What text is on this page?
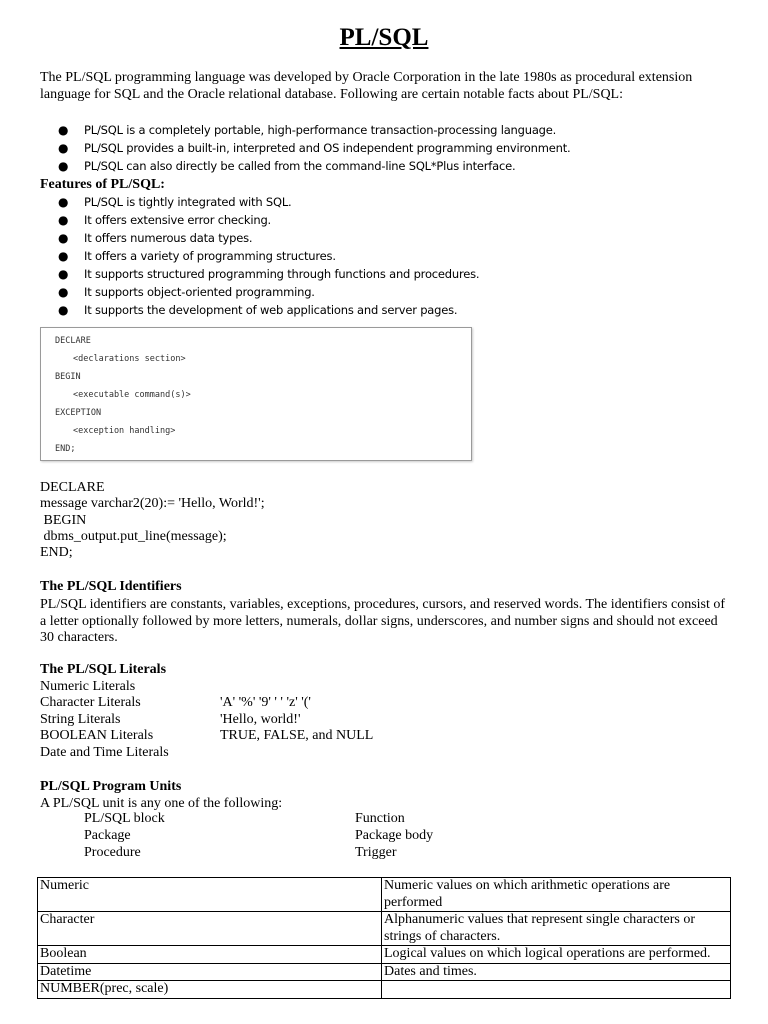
PL/SQL
The PL/SQL programming language was developed by Oracle Corporation in the late 1980s as procedural extension language for SQL and the Oracle relational database. Following are certain notable facts about PL/SQL:
● PL/SQL is a completely portable, high-performance transaction-processing language.
● PL/SQL provides a built-in, interpreted and OS independent programming environment.
● PL/SQL can also directly be called from the command-line SQL*Plus interface.
Features of PL/SQL:
● PL/SQL is tightly integrated with SQL.
● It offers extensive error checking.
● It offers numerous data types.
● It offers a variety of programming structures.
● It supports structured programming through functions and procedures.
● It supports object-oriented programming.
● It supports the development of web applications and server pages.
DECLARE
<declarations section>
BEGIN
<executable command(s)>
EXCEPTION
<exception handling>
END;
DECLARE
message varchar2(20):= 'Hello, World!';
BEGIN
dbms_output.put_line(message);
END;
The PL/SQL Identifiers
PL/SQL identifiers are constants, variables, exceptions, procedures, cursors, and reserved words. The identifiers consist of a letter optionally followed by more letters, numerals, dollar signs, underscores, and number signs and should not exceed 30 characters.
The PL/SQL Literals
Numeric Literals
Character Literals	'A' '%' '9' ' ' 'z' '('
String Literals	'Hello, world!'
BOOLEAN Literals	TRUE, FALSE, and NULL
Date and Time Literals
PL/SQL Program Units
A PL/SQL unit is any one of the following:
PL/SQL block	Function
Package	Package body
Procedure	Trigger
Numeric	Numeric values on which arithmetic operations are performed
Character	Alphanumeric values that represent single characters or strings of characters.
Boolean	Logical values on which logical operations are performed.
Datetime	Dates and times.
NUMBER(prec, scale)	
